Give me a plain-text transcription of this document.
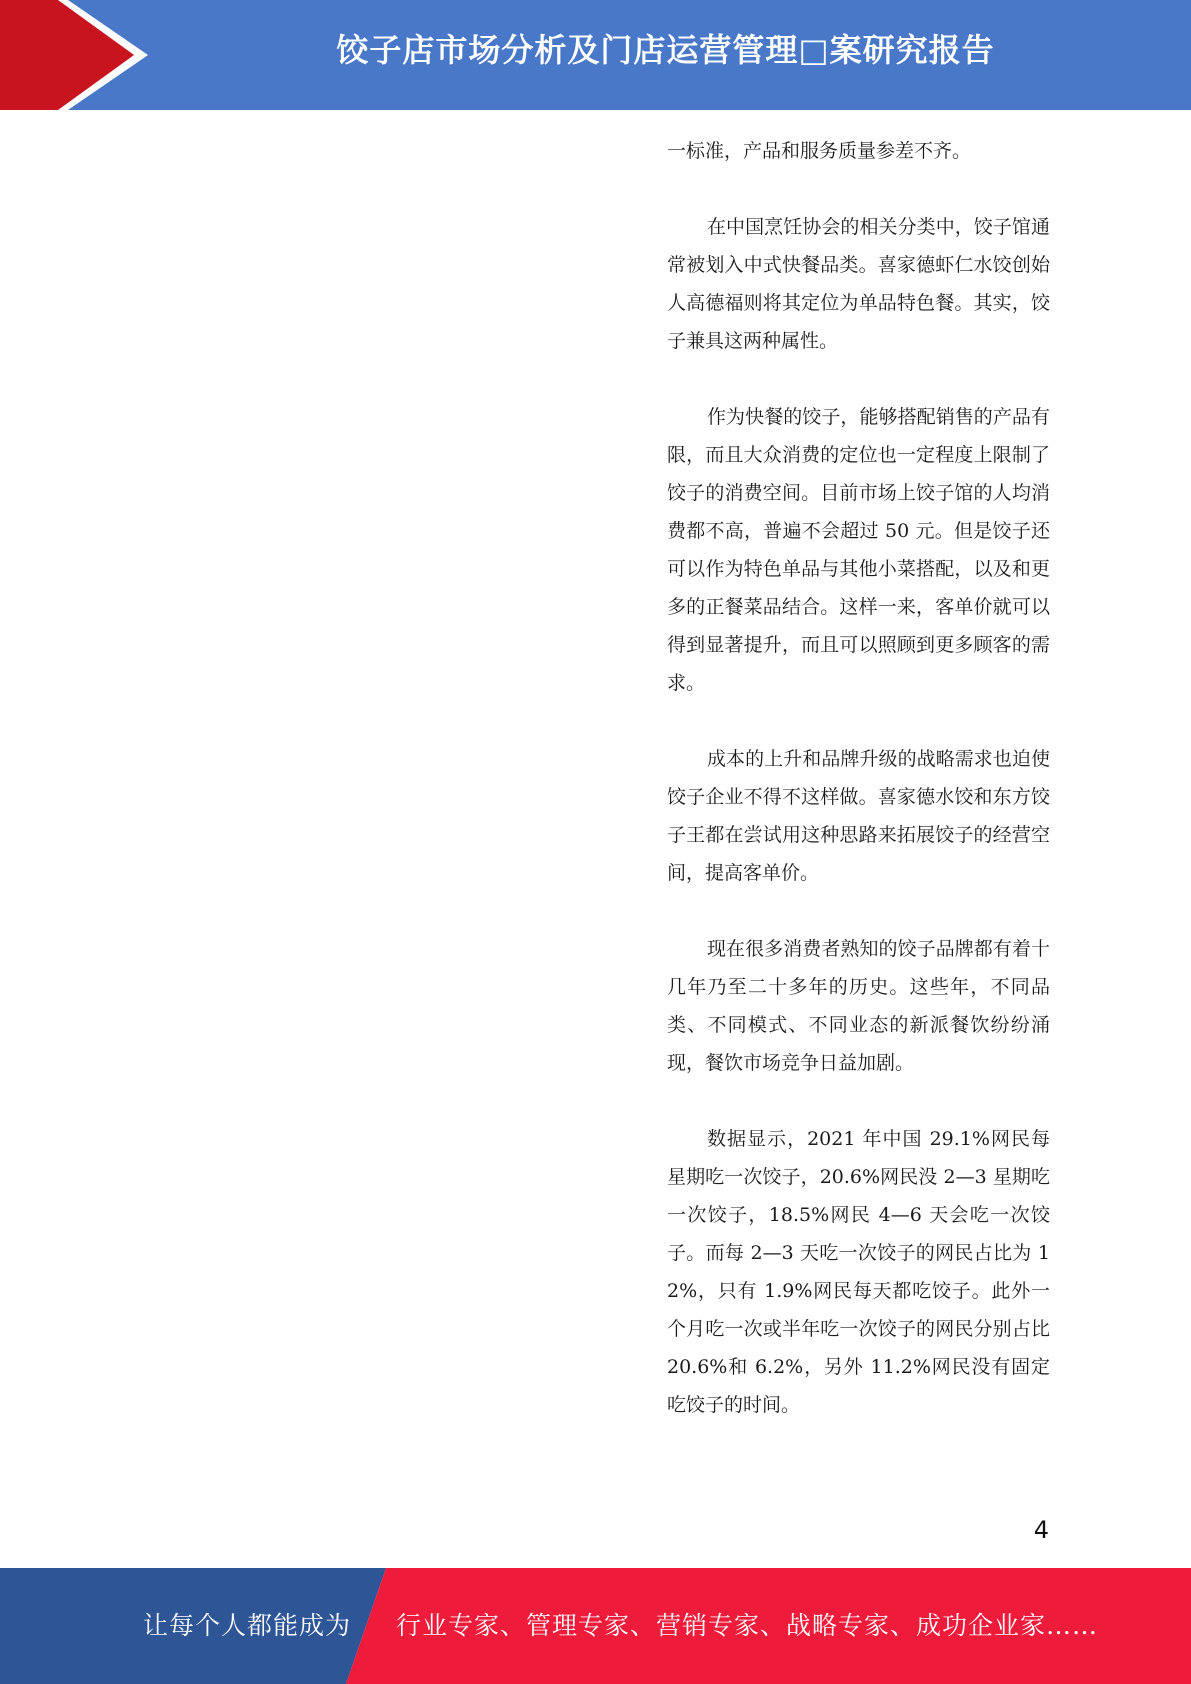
饺子店市场分析及门店运营管理□案研究报告

一标准，产品和服务质量参差不齐。

在中国烹饪协会的相关分类中，饺子馆通常被划入中式快餐品类。喜家德虾仁水饺创始人高德福则将其定位为单品特色餐。其实，饺子兼具这两种属性。

作为快餐的饺子，能够搭配销售的产品有限，而且大众消费的定位也一定程度上限制了饺子的消费空间。目前市场上饺子馆的人均消费都不高，普遍不会超过 50 元。但是饺子还可以作为特色单品与其他小菜搭配，以及和更多的正餐菜品结合。这样一来，客单价就可以得到显著提升，而且可以照顾到更多顾客的需求。

成本的上升和品牌升级的战略需求也迫使饺子企业不得不这样做。喜家德水饺和东方饺子王都在尝试用这种思路来拓展饺子的经营空间，提高客单价。

现在很多消费者熟知的饺子品牌都有着十几年乃至二十多年的历史。这些年，不同品类、不同模式、不同业态的新派餐饮纷纷涌现，餐饮市场竞争日益加剧。

数据显示，2021 年中国 29.1%网民每星期吃一次饺子，20.6%网民没 2—3 星期吃一次饺子，18.5%网民 4—6 天会吃一次饺子。而每 2—3 天吃一次饺子的网民占比为 12%，只有 1.9%网民每天都吃饺子。此外一个月吃一次或半年吃一次饺子的网民分别占比 20.6%和 6.2%，另外 11.2%网民没有固定吃饺子的时间。

4
让每个人都能成为 行业专家、管理专家、营销专家、战略专家、成功企业家……
